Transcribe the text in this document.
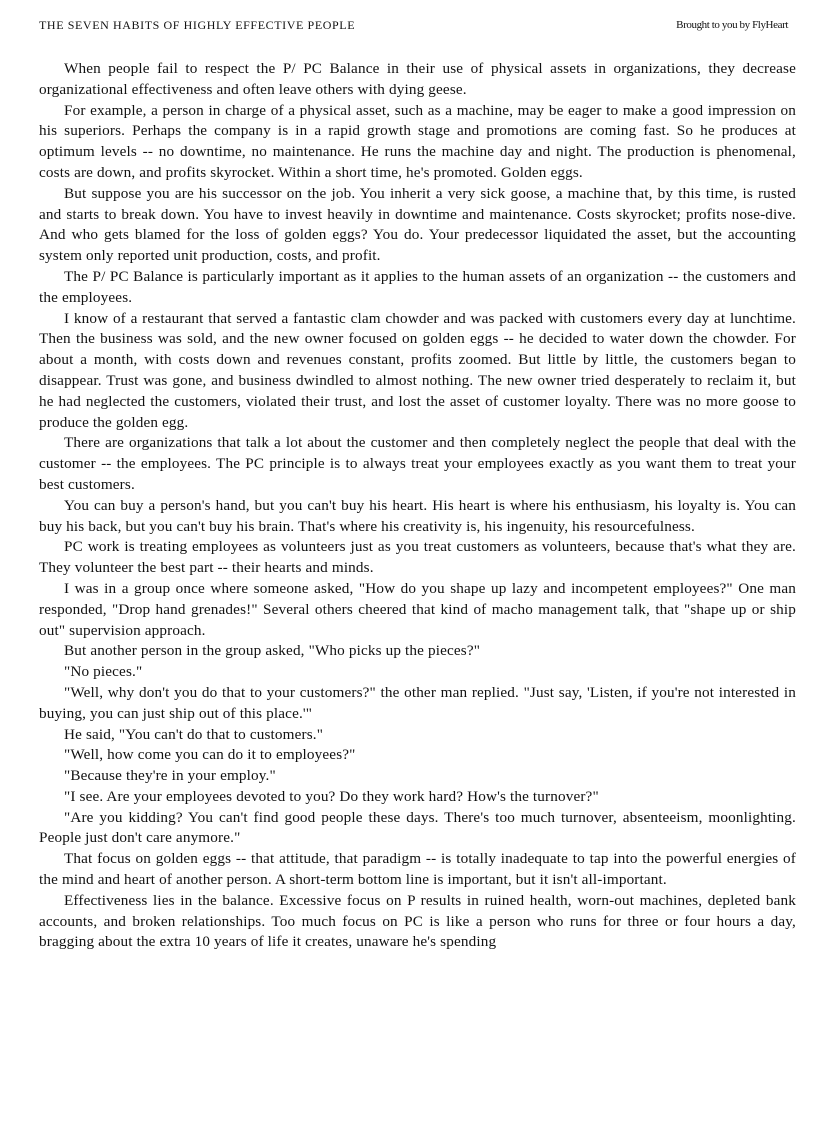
THE SEVEN HABITS OF HIGHLY EFFECTIVE PEOPLE	Brought to you by FlyHeart

When people fail to respect the P/ PC Balance in their use of physical assets in organizations, they decrease organizational effectiveness and often leave others with dying geese.

For example, a person in charge of a physical asset, such as a machine, may be eager to make a good impression on his superiors. Perhaps the company is in a rapid growth stage and promotions are coming fast. So he produces at optimum levels -- no downtime, no maintenance. He runs the machine day and night. The production is phenomenal, costs are down, and profits skyrocket. Within a short time, he's promoted. Golden eggs.

But suppose you are his successor on the job. You inherit a very sick goose, a machine that, by this time, is rusted and starts to break down. You have to invest heavily in downtime and maintenance. Costs skyrocket; profits nose-dive. And who gets blamed for the loss of golden eggs? You do. Your predecessor liquidated the asset, but the accounting system only reported unit production, costs, and profit.

The P/ PC Balance is particularly important as it applies to the human assets of an organization -- the customers and the employees.

I know of a restaurant that served a fantastic clam chowder and was packed with customers every day at lunchtime. Then the business was sold, and the new owner focused on golden eggs -- he decided to water down the chowder. For about a month, with costs down and revenues constant, profits zoomed. But little by little, the customers began to disappear. Trust was gone, and business dwindled to almost nothing. The new owner tried desperately to reclaim it, but he had neglected the customers, violated their trust, and lost the asset of customer loyalty. There was no more goose to produce the golden egg.

There are organizations that talk a lot about the customer and then completely neglect the people that deal with the customer -- the employees. The PC principle is to always treat your employees exactly as you want them to treat your best customers.

You can buy a person's hand, but you can't buy his heart. His heart is where his enthusiasm, his loyalty is. You can buy his back, but you can't buy his brain. That's where his creativity is, his ingenuity, his resourcefulness.

PC work is treating employees as volunteers just as you treat customers as volunteers, because that's what they are. They volunteer the best part -- their hearts and minds.

I was in a group once where someone asked, "How do you shape up lazy and incompetent employees?" One man responded, "Drop hand grenades!" Several others cheered that kind of macho management talk, that "shape up or ship out" supervision approach.

But another person in the group asked, "Who picks up the pieces?"

"No pieces."

"Well, why don't you do that to your customers?" the other man replied. "Just say, 'Listen, if you're not interested in buying, you can just ship out of this place.'"

He said, "You can't do that to customers."

"Well, how come you can do it to employees?"

"Because they're in your employ."

"I see. Are your employees devoted to you? Do they work hard? How's the turnover?"

"Are you kidding? You can't find good people these days. There's too much turnover, absenteeism, moonlighting. People just don't care anymore."

That focus on golden eggs -- that attitude, that paradigm -- is totally inadequate to tap into the powerful energies of the mind and heart of another person. A short-term bottom line is important, but it isn't all-important.

Effectiveness lies in the balance. Excessive focus on P results in ruined health, worn-out machines, depleted bank accounts, and broken relationships. Too much focus on PC is like a person who runs for three or four hours a day, bragging about the extra 10 years of life it creates, unaware he's spending
